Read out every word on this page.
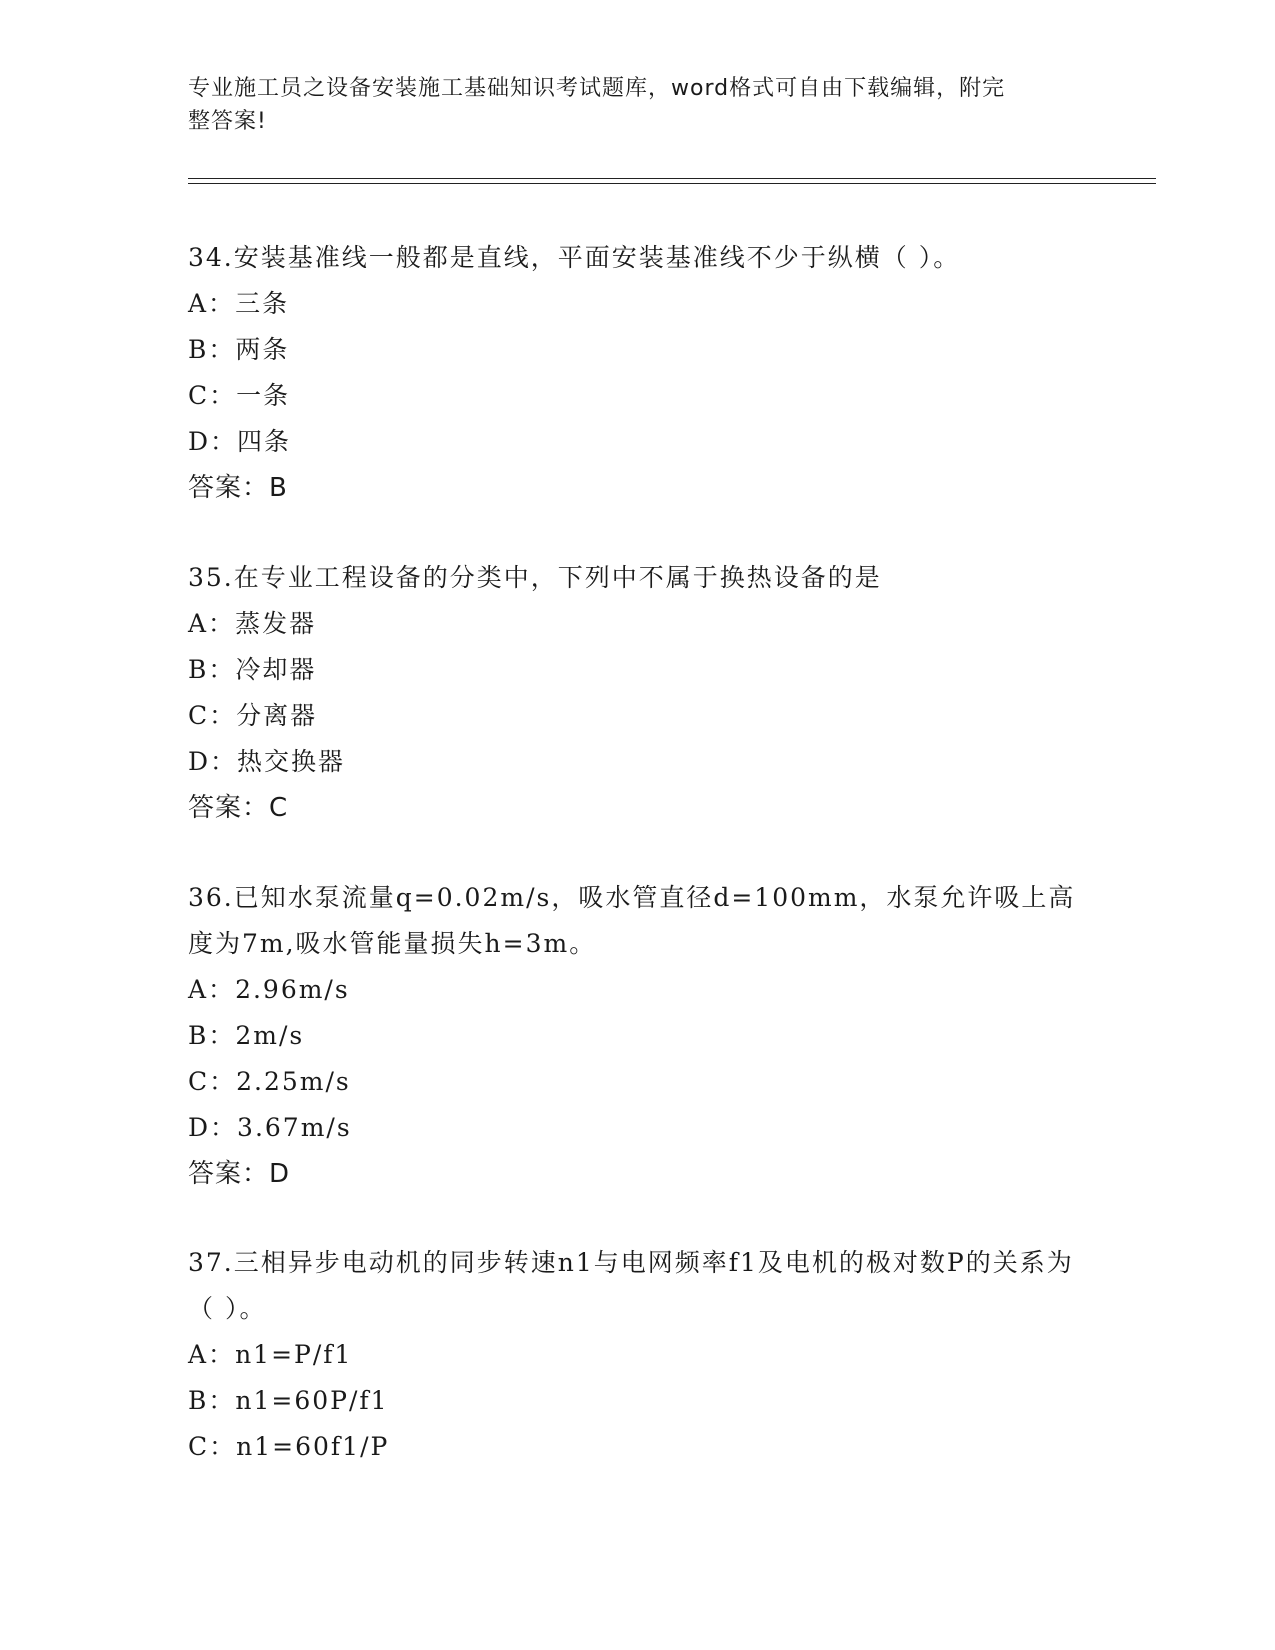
专业施工员之设备安装施工基础知识考试题库，word格式可自由下载编辑，附完
整答案!
34.安装基准线一般都是直线，平面安装基准线不少于纵横（ ）。
A：三条
B：两条
C：一条
D：四条
答案：B
35.在专业工程设备的分类中，下列中不属于换热设备的是
A：蒸发器
B：冷却器
C：分离器
D：热交换器
答案：C
36.已知水泵流量q=0.02m/s，吸水管直径d=100mm，水泵允许吸上高度为7m,吸水管能量损失h=3m。
A：2.96m/s
B：2m/s
C：2.25m/s
D：3.67m/s
答案：D
37.三相异步电动机的同步转速n1与电网频率f1及电机的极对数P的关系为（ ）。
A：n1=P/f1
B：n1=60P/f1
C：n1=60f1/P
